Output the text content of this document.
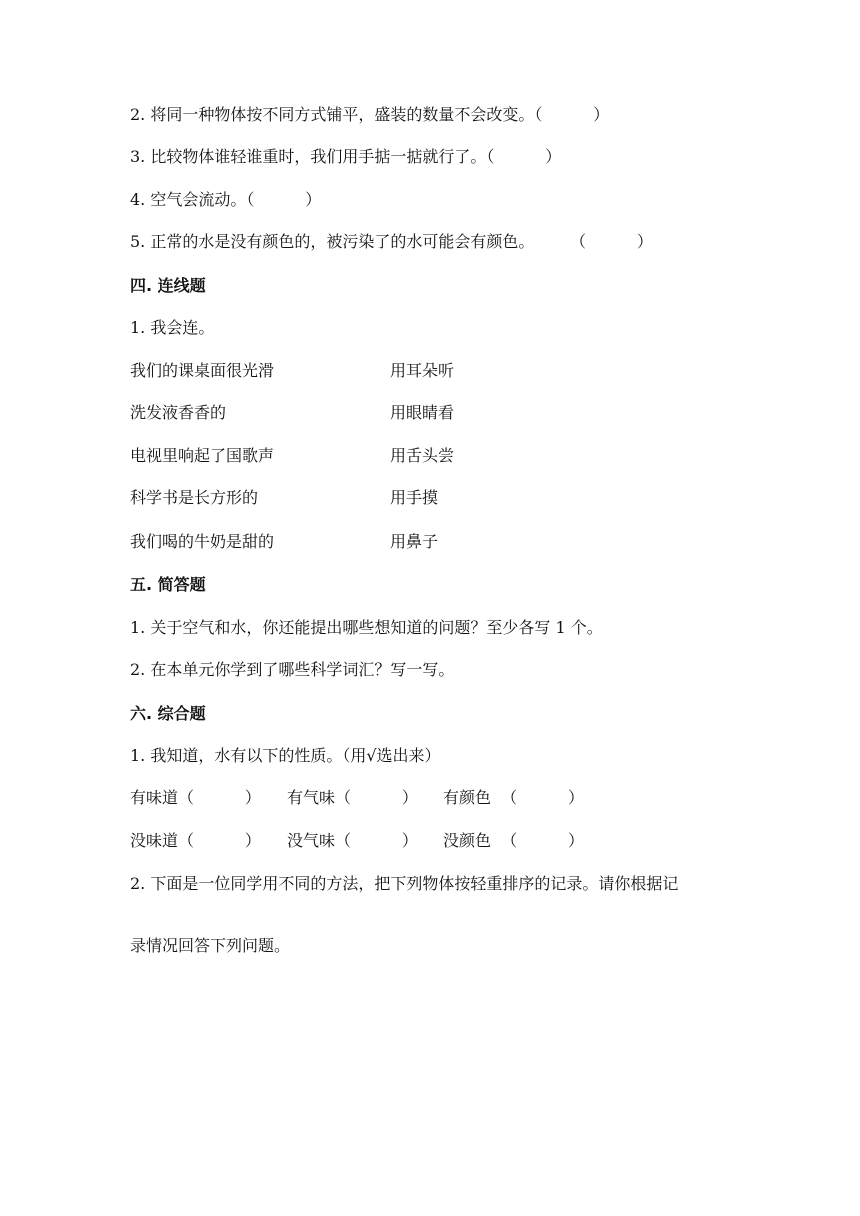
2. 将同一种物体按不同方式铺平，盛装的数量不会改变。（          ）
3. 比较物体谁轻谁重时，我们用手掂一掂就行了。（          ）
4. 空气会流动。（          ）
5. 正常的水是没有颜色的，被污染了的水可能会有颜色。       （          ）
四. 连线题
1. 我会连。
我们的课桌面很光滑	用耳朵听
洗发液香香的	用眼睛看
电视里响起了国歌声	用舌头尝
科学书是长方形的	用手摸
我们喝的牛奶是甜的	用鼻子
五. 简答题
1. 关于空气和水，你还能提出哪些想知道的问题？至少各写 1 个。
2. 在本单元你学到了哪些科学词汇？写一写。
六. 综合题
1. 我知道，水有以下的性质。（用√选出来）
有味道（          ） 有气味（          ） 有颜色  （          ）
没味道（          ） 没气味（          ） 没颜色  （          ）
2. 下面是一位同学用不同的方法，把下列物体按轻重排序的记录。请你根据记
录情况回答下列问题。
